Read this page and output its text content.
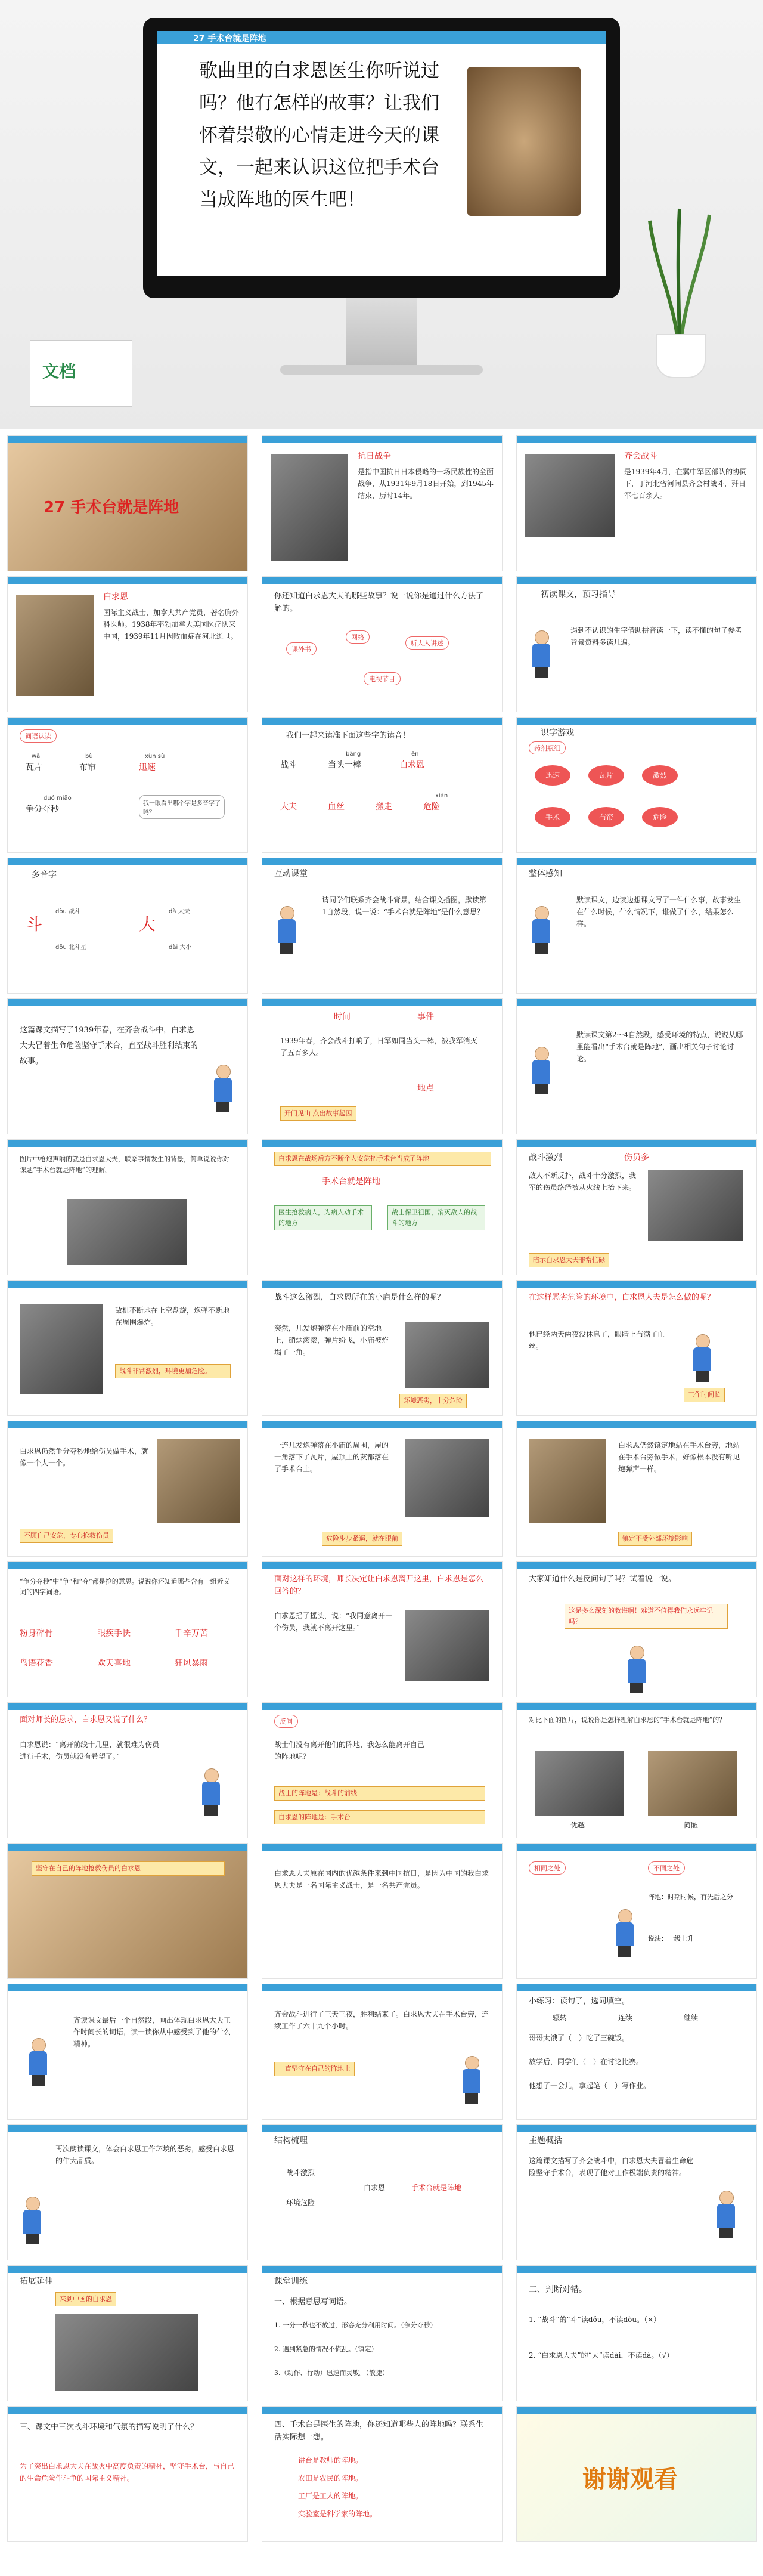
27 手术台就是阵地
歌曲里的白求恩医生你听说过吗？他有怎样的故事？让我们怀着崇敬的心情走进今天的课文，一起来认识这位把手术台当成阵地的医生吧！
文档
27 手术台就是阵地
抗日战争
是指中国抗日日本侵略的一场民族性的全面战争，从1931年9月18日开始，到1945年结束，历时14年。
齐会战斗
是1939年4月，在冀中军区部队的协同下，于河北省河间县齐会村战斗，歼日军七百余人。
白求恩
国际主义战士，加拿大共产党员，著名胸外科医师。1938年率领加拿大美国医疗队来中国，1939年11月因败血症在河北逝世。
你还知道白求恩大夫的哪些故事？说一说你是通过什么方法了解的。
课外书
网络
听大人讲述
电视节目
初读课文，预习指导
遇到不认识的生字借助拼音读一下，读不懂的句子参考背景资料多读几遍。
词语认读
wǎ
瓦片
bù
布帘
xùn sù
迅速
duó miǎo
争分夺秒
我一眼看出哪个字是多音字了吗？
我们一起来读准下面这些字的读音！
战斗
bàng
当头一棒
ēn
白求恩
大夫	血丝	搬走
xiǎn
危险
识字游戏
药剂瓶组
迅速	瓦片	激烈
手术	布帘	危险
多音字
斗
dòu 战斗
dǒu 北斗星
大
dà 大夫
dài 大小
互动课堂
请同学们联系齐会战斗背景，结合课文插图，默读第1自然段，说一说：“手术台就是阵地”是什么意思？
整体感知
默读课文，边读边想课文写了一件什么事，故事发生在什么时候，什么情况下，谁做了什么，结果怎么样。
这篇课文描写了1939年春，在齐会战斗中，白求恩大夫冒着生命危险坚守手术台，直至战斗胜利结束的故事。
时间	事件
1939年春，齐会战斗打响了，日军如同当头一棒，被我军消灭了五百多人。
地点
开门见山 点出故事起因
默读课文第2～4自然段，感受环境的特点，说说从哪里能看出“手术台就是阵地”，画出相关句子讨论讨论。
图片中枪炮声响的就是白求恩大夫，联系事情发生的背景，简单说说你对课题“手术台就是阵地”的理解。
白求恩在战场后方不断个人安危把手术台当成了阵地
手术台就是阵地
医生抢救病人，为病人动手术的地方
战士保卫祖国，消灭敌人的战斗的地方
战斗激烈	伤员多
敌人不断反扑，战斗十分激烈，我军的伤员络绎被从火线上抬下来。
暗示白求恩大夫非常忙碌
敌机不断地在上空盘旋，炮弹不断地在周围爆炸。
战斗非常激烈，环境更加危险。
战斗这么激烈，白求恩所在的小庙是什么样的呢？
突然，几发炮弹落在小庙前的空地上，硝烟滚滚，弹片纷飞，小庙被炸塌了一角。
环境恶劣，十分危险
在这样恶劣危险的环境中，白求恩大夫是怎么做的呢？
他已经两天两夜没休息了，眼睛上布满了血丝。
工作时间长
白求恩仍然争分夺秒地给伤员做手术，就像一个人一个。
不顾自己安危，专心抢救伤员
一连几发炮弹落在小庙的周围，屋的一角落下了瓦片，屋顶上的灰都落在了手术台上。
危险步步紧逼，就在眼前
白求恩仍然镇定地站在手术台旁，地站在手术台旁做手术，好像根本没有听见炮弹声一样。
镇定不受外部环境影响
“争分夺秒”中“争”和“夺”都是抢的意思。说说你还知道哪些含有一组近义词的四字词语。
粉身碎骨	眼疾手快	千辛万苦
鸟语花香	欢天喜地	狂风暴雨
面对这样的环境，师长决定让白求恩离开这里，白求恩是怎么回答的？
白求恩摇了摇头，说：“我同意离开一个伤员，我就不离开这里。”
大家知道什么是反问句了吗？试着说一说。
这是多么深刻的教诲啊！难道不值得我们永远牢记吗？
面对师长的恳求，白求恩又说了什么？
白求恩说：“离开前线十几里，就很难为伤员进行手术，伤员就没有希望了。”
反问
战士们没有离开他们的阵地，我怎么能离开自己的阵地呢？
战士的阵地是：战斗的前线
白求恩的阵地是：手术台
对比下面的图片，说说你是怎样理解白求恩的“手术台就是阵地”的？
优越	简陋
坚守在自己的阵地抢救伤员的白求恩
白求恩大夫原在国内的优越条件来到中国抗日，是因为中国的我白求恩大夫是一名国际主义战士，是一名共产党员。
相同之处	不同之处
阵地：时期时候，有先后之分
说法：一级上升
齐读课文最后一个自然段，画出体现白求恩大夫工作时间长的词语，读一读你从中感受到了他的什么精神。
齐会战斗进行了三天三夜，胜利结束了。白求恩大夫在手术台旁，连续工作了六十九个小时。
一直坚守在自己的阵地上
小练习：读句子，选词填空。
辗转	连续	继续
哥哥太饿了（　）吃了三碗饭。
放学后，同学们（　）在讨论比赛。
他想了一会儿，拿起笔（　）写作业。
再次朗读课文，体会白求恩工作环境的恶劣，感受白求恩的伟大品质。
结构梳理
战斗激烈
环境危险
白求恩	手术台就是阵地
主题概括
这篇课文描写了齐会战斗中，白求恩大夫冒着生命危险坚守手术台，表现了他对工作极端负责的精神。
拓展延伸
来到中国的白求恩
课堂训练
一、根据意思写词语。
1. 一分一秒也不放过，形容充分利用时间。（争分夺秒）
2. 遇到紧急的情况不慌乱。（镇定）
3.（动作、行动）迅速而灵敏。（敏捷）
二、判断对错。
1. “战斗”的“斗”读dǒu，不读dòu。（×）
2. “白求恩大夫”的“大”读dài，不读dà。（√）
三、课文中三次战斗环境和气氛的描写说明了什么？
为了突出白求恩大夫在战火中高度负责的精神，坚守手术台，与自己的生命危险作斗争的国际主义精神。
四、手术台是医生的阵地，你还知道哪些人的阵地吗？联系生活实际想一想。
讲台是教师的阵地。
农田是农民的阵地。
工厂是工人的阵地。
实验室是科学家的阵地。
谢谢观看
